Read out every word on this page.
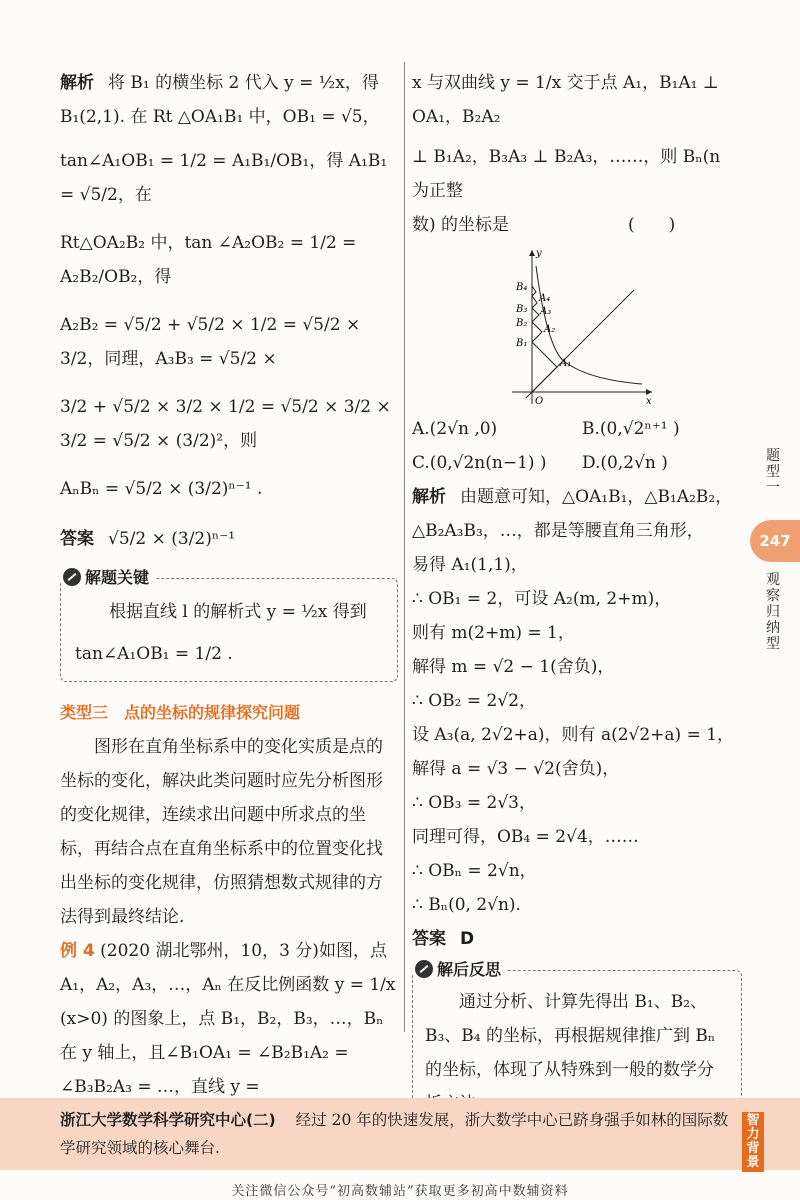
解析 将 B₁ 的横坐标 2 代入 y = ½x，得

B₁(2,1). 在 Rt △OA₁B₁ 中，OB₁ = √5，

tan∠A₁OB₁ = 1/2 = A₁B₁/OB₁，得 A₁B₁ = √5/2，在

Rt△OA₂B₂ 中，tan ∠A₂OB₂ = 1/2 = A₂B₂/OB₂，得

A₂B₂ = √5/2 + √5/2 × 1/2 = √5/2 × 3/2，同理，A₃B₃ = √5/2 ×

3/2 + √5/2 × 3/2 × 1/2 = √5/2 × 3/2 × 3/2 = √5/2 × (3/2)²，则

AₙBₙ = √5/2 × (3/2)ⁿ⁻¹ .

答案 √5/2 × (3/2)ⁿ⁻¹

解题关键

根据直线 l 的解析式 y = ½x 得到

tan∠A₁OB₁ = 1/2 .

类型三　点的坐标的规律探究问题

图形在直角坐标系中的变化实质是点的坐标的变化，解决此类问题时应先分析图形的变化规律，连续求出问题中所求点的坐标，再结合点在直角坐标系中的位置变化找出坐标的变化规律，仿照猜想数式规律的方法得到最终结论.

例 4 (2020 湖北鄂州，10，3 分)如图，点 A₁，A₂，A₃，…，Aₙ 在反比例函数 y = 1/x (x>0) 的图象上，点 B₁，B₂，B₃，…，Bₙ 在 y 轴上，且∠B₁OA₁ = ∠B₂B₁A₂ = ∠B₃B₂A₃ = …，直线 y =

x 与双曲线 y = 1/x 交于点 A₁，B₁A₁ ⊥ OA₁，B₂A₂

⊥ B₁A₂，B₃A₃ ⊥ B₂A₃，……，则 Bₙ(n 为正整

数) 的坐标是　　　　　　　(　　)

y
x
O
B₁
B₂
B₃
B₄
A₁
A₂
A₃
A₄
A.(2√n ,0)	B.(0,√2ⁿ⁺¹ )
C.(0,√2n(n−1) )	D.(0,2√n )

解析 由题意可知，△OA₁B₁，△B₁A₂B₂，

△B₂A₃B₃，…，都是等腰直角三角形，

易得 A₁(1,1)，

∴ OB₁ = 2，可设 A₂(m, 2+m)，

则有 m(2+m) = 1，

解得 m = √2 − 1(舍负)，

∴ OB₂ = 2√2，

设 A₃(a, 2√2+a)，则有 a(2√2+a) = 1，

解得 a = √3 − √2(舍负)，

∴ OB₃ = 2√3，

同理可得，OB₄ = 2√4，……

∴ OBₙ = 2√n，

∴ Bₙ(0, 2√n).

答案 D

解后反思

通过分析、计算先得出 B₁、B₂、B₃、B₄ 的坐标，再根据规律推广到 Bₙ 的坐标，体现了从特殊到一般的数学分

题型一
247
观察归纳型
浙江大学数学科学研究中心(二) 经过 20 年的快速发展，浙大数学中心已跻身强手如林的国际数学研究领域的核心舞台.
智力背景
关注微信公众号“初高数辅站”获取更多初高中数辅资料
